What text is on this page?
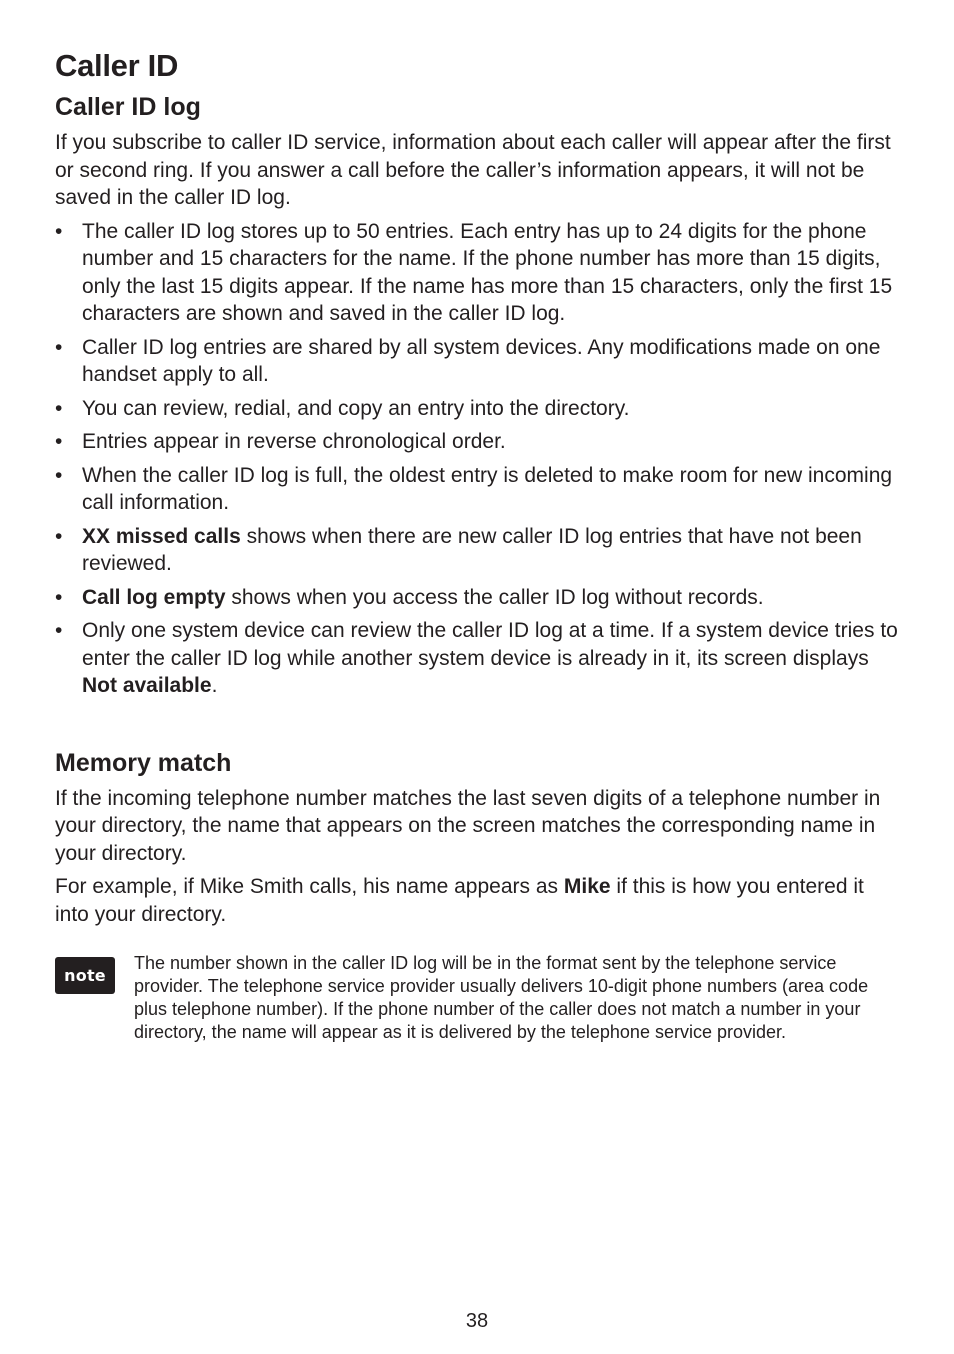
Caller ID
Caller ID log

If you subscribe to caller ID service, information about each caller will appear after the first or second ring. If you answer a call before the caller’s information appears, it will not be saved in the caller ID log.

• The caller ID log stores up to 50 entries. Each entry has up to 24 digits for the phone number and 15 characters for the name. If the phone number has more than 15 digits, only the last 15 digits appear. If the name has more than 15 characters, only the first 15 characters are shown and saved in the caller ID log.
• Caller ID log entries are shared by all system devices. Any modifications made on one handset apply to all.
• You can review, redial, and copy an entry into the directory.
• Entries appear in reverse chronological order.
• When the caller ID log is full, the oldest entry is deleted to make room for new incoming call information.
• XX missed calls shows when there are new caller ID log entries that have not been reviewed.
• Call log empty shows when you access the caller ID log without records.
• Only one system device can review the caller ID log at a time. If a system device tries to enter the caller ID log while another system device is already in it, its screen displays Not available.
Memory match

If the incoming telephone number matches the last seven digits of a telephone number in your directory, the name that appears on the screen matches the corresponding name in your directory.

For example, if Mike Smith calls, his name appears as Mike if this is how you entered it into your directory.

note

The number shown in the caller ID log will be in the format sent by the telephone service provider. The telephone service provider usually delivers 10-digit phone numbers (area code plus telephone number). If the phone number of the caller does not match a number in your directory, the name will appear as it is delivered by the telephone service provider.

38
